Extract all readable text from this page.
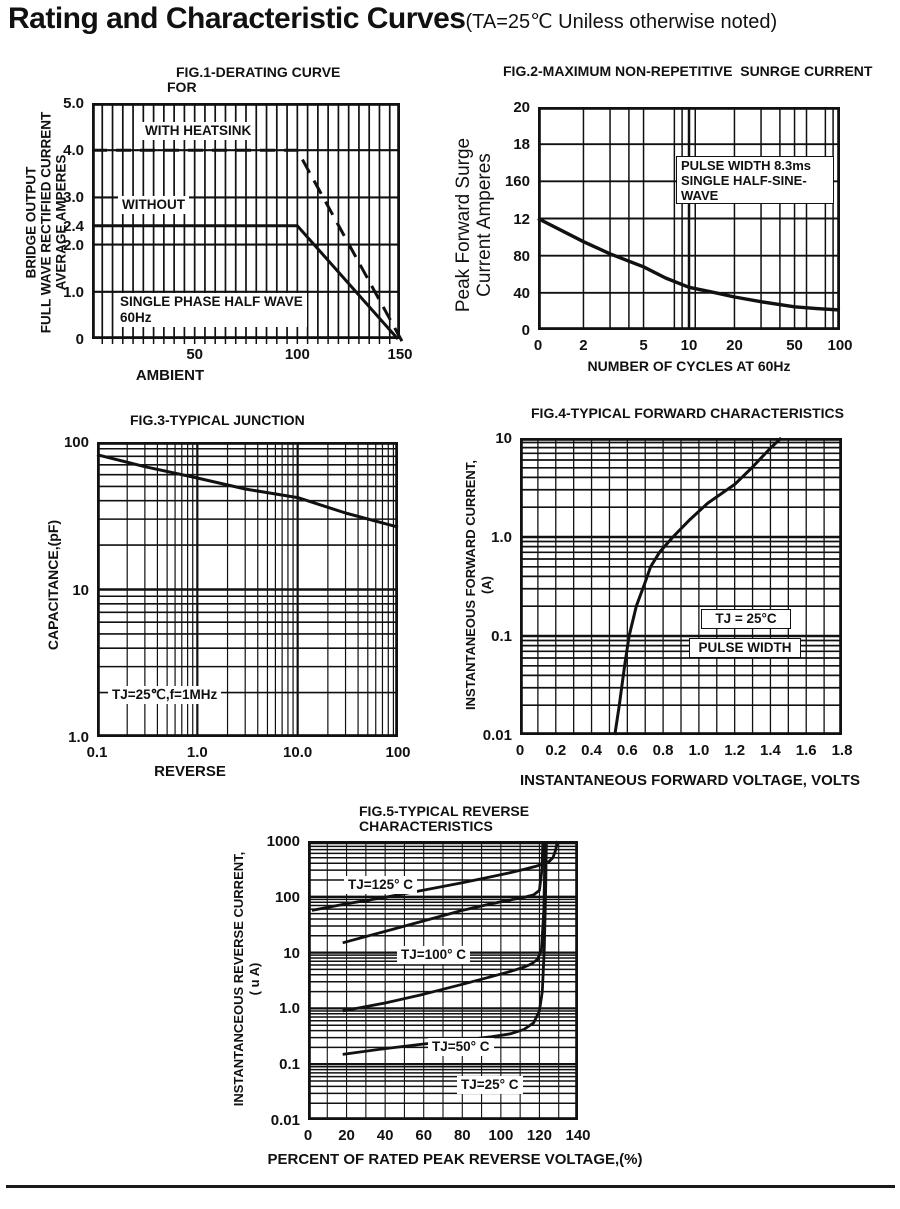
Rating and Characteristic Curves(TA=25℃ Uniless otherwise noted)
FIG.1-DERATING CURVE
FOR
BRIDGE OUTPUT
FULL WAVE RECTIFIED CURRENT
AVERAGE AMPERES
WITH HEATSINK
WITHOUT
SINGLE PHASE HALF WAVE
60Hz
AMBIENT
FIG.2-MAXIMUM NON-REPETITIVE  SUNRGE CURRENT
Peak Forward Surge
Current Amperes	PULSE WIDTH 8.3ms
SINGLE HALF-SINE-
WAVE
NUMBER OF CYCLES AT 60Hz
FIG.3-TYPICAL JUNCTION
CAPACITANCE,(pF)
TJ=25℃,f=1MHz
REVERSE
FIG.4-TYPICAL FORWARD CHARACTERISTICS
INSTANTANEOUS FORWARD CURRENT,
(A)
TJ = 25°C
PULSE WIDTH
INSTANTANEOUS FORWARD VOLTAGE, VOLTS
FIG.5-TYPICAL REVERSE
CHARACTERISTICS
INSTANTANCEOUS REVERSE CURRENT,
( u A)
TJ=125° C
TJ=100° C
TJ=50° C
TJ=25° C
PERCENT OF RATED PEAK REVERSE VOLTAGE,(%)
50	100	150
5.0
4.0
3.0
2.4
2.0
1.0
0	0	2	5	10	20	50	100
20
18
160
12
80
40
0
0.1	1.0	10.0	100
100
10
1.0
0	0.2 0.4 0.6 0.8 1.0 1.2 1.4 1.6 1.8
10
1.0
0.1
0.01
0	20	40	60	80	100 120 140
1000
100
10
1.0
0.1
0.01
